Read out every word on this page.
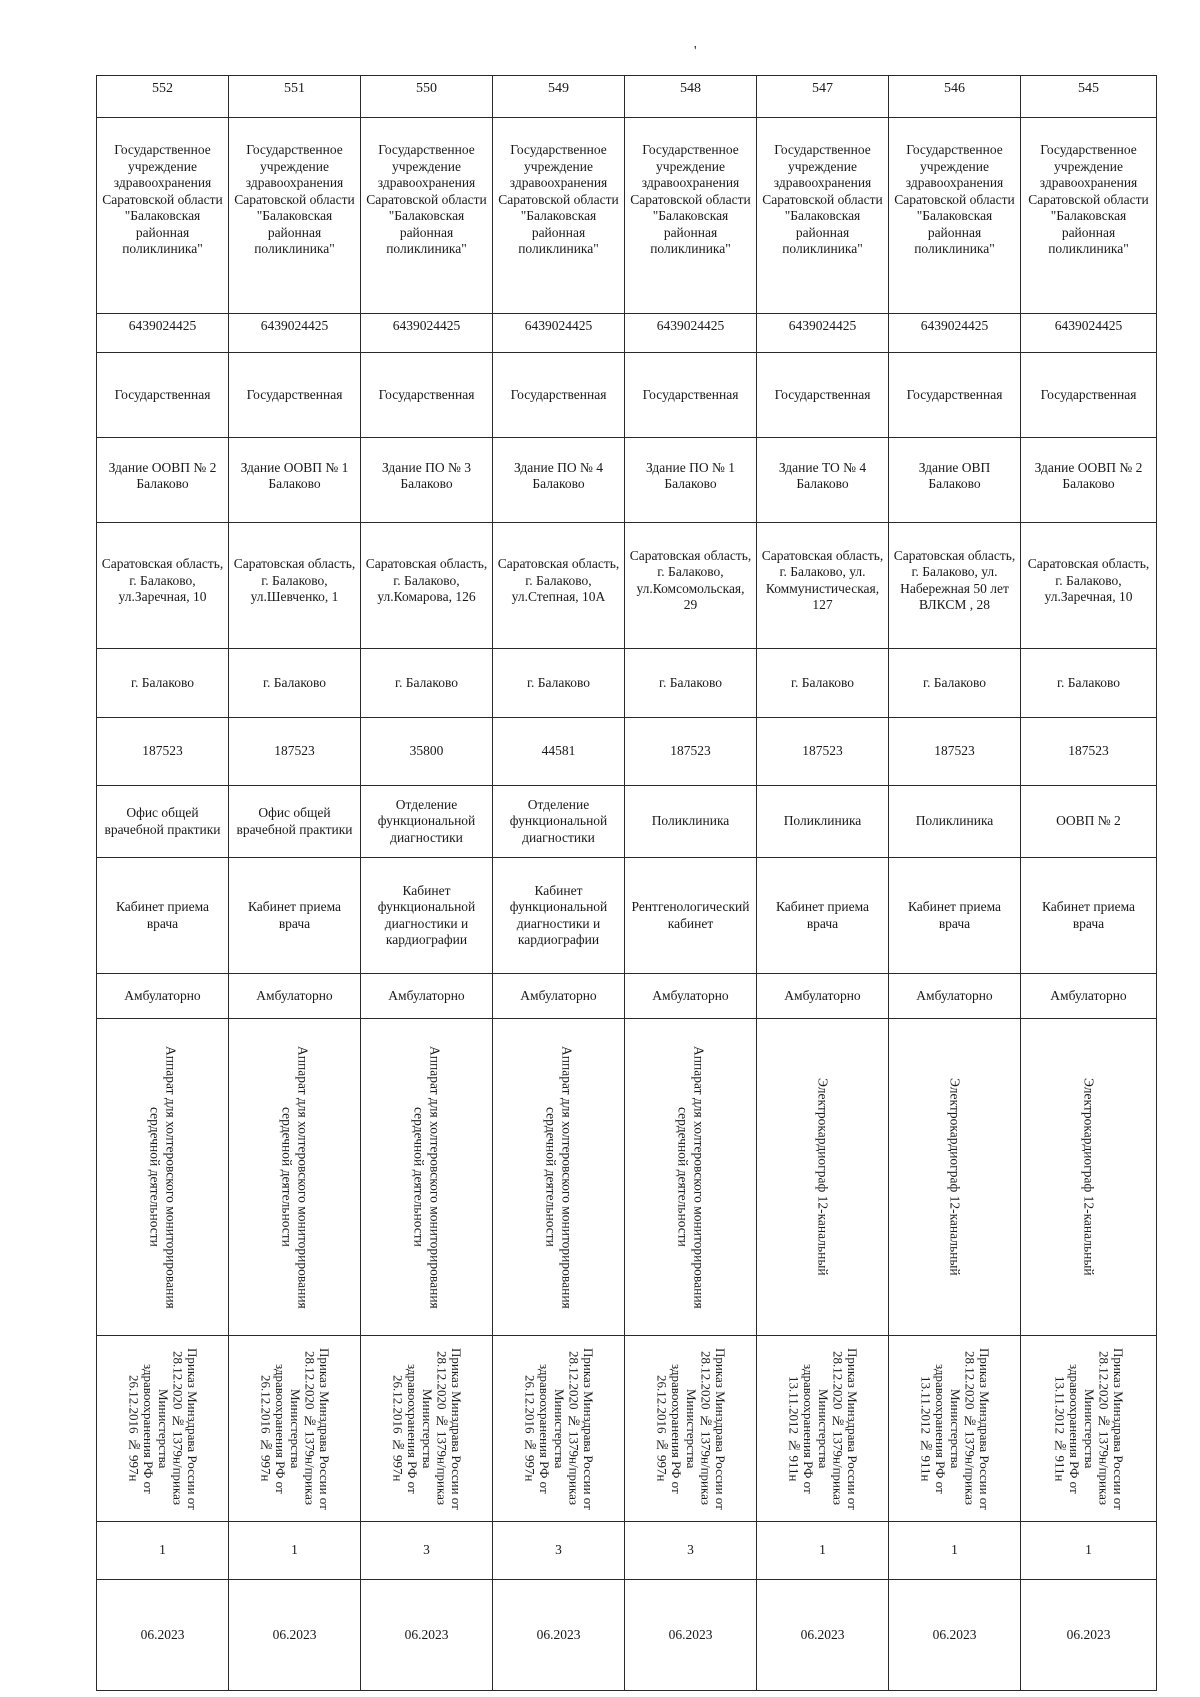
'
552	551	550	549	548	547	546	545
Государственное учреждение здравоохранения Саратовской области "Балаковская районная поликлиника"	Государственное учреждение здравоохранения Саратовской области "Балаковская районная поликлиника"	Государственное учреждение здравоохранения Саратовской области "Балаковская районная поликлиника"	Государственное учреждение здравоохранения Саратовской области "Балаковская районная поликлиника"	Государственное учреждение здравоохранения Саратовской области "Балаковская районная поликлиника"	Государственное учреждение здравоохранения Саратовской области "Балаковская районная поликлиника"	Государственное учреждение здравоохранения Саратовской области "Балаковская районная поликлиника"	Государственное учреждение здравоохранения Саратовской области "Балаковская районная поликлиника"
6439024425	6439024425	6439024425	6439024425	6439024425	6439024425	6439024425	6439024425
Государственная	Государственная	Государственная	Государственная	Государственная	Государственная	Государственная	Государственная
Здание ООВП № 2 Балаково	Здание ООВП № 1 Балаково	Здание ПО № 3 Балаково	Здание ПО № 4 Балаково	Здание ПО № 1 Балаково	Здание ТО № 4 Балаково	Здание ОВП Балаково	Здание ООВП № 2 Балаково
Саратовская область, г. Балаково, ул.Заречная, 10	Саратовская область, г. Балаково, ул.Шевченко, 1	Саратовская область, г. Балаково, ул.Комарова, 126	Саратовская область, г. Балаково, ул.Степная, 10А	Саратовская область, г. Балаково, ул.Комсомольская, 29	Саратовская область, г. Балаково, ул. Коммунистическая, 127	Саратовская область, г. Балаково, ул. Набережная 50 лет ВЛКСМ , 28	Саратовская область, г. Балаково, ул.Заречная, 10
г. Балаково	г. Балаково	г. Балаково	г. Балаково	г. Балаково	г. Балаково	г. Балаково	г. Балаково
187523	187523	35800	44581	187523	187523	187523	187523
Офис общей врачебной практики	Офис общей врачебной практики	Отделение функциональной диагностики	Отделение функциональной диагностики	Поликлиника	Поликлиника	Поликлиника	ООВП № 2
Кабинет приема врача	Кабинет приема врача	Кабинет функциональной диагностики и кардиографии	Кабинет функциональной диагностики и кардиографии	Рентгенологический кабинет	Кабинет приема врача	Кабинет приема врача	Кабинет приема врача
Амбулаторно	Амбулаторно	Амбулаторно	Амбулаторно	Амбулаторно	Амбулаторно	Амбулаторно	Амбулаторно

Аппарат для холтеровского мониторирования сердечной деятельности	Аппарат для холтеровского мониторирования сердечной деятельности	Аппарат для холтеровского мониторирования сердечной деятельности	Аппарат для холтеровского мониторирования сердечной деятельности	Аппарат для холтеровского мониторирования сердечной деятельности	Электрокардиограф 12-канальный	Электрокардиограф 12-канальный	Электрокардиограф 12-канальный

Приказ Минздрава России от 28.12.2020 № 1379н/приказ Министерства здравоохранения РФ от 26.12.2016 № 997н	Приказ Минздрава России от 28.12.2020 № 1379н/приказ Министерства здравоохранения РФ от 26.12.2016 № 997н	Приказ Минздрава России от 28.12.2020 № 1379н/приказ Министерства здравоохранения РФ от 26.12.2016 № 997н	Приказ Минздрава России от 28.12.2020 № 1379н/приказ Министерства здравоохранения РФ от 26.12.2016 № 997н	Приказ Минздрава России от 28.12.2020 № 1379н/приказ Министерства здравоохранения РФ от 26.12.2016 № 997н	Приказ Минздрава России от 28.12.2020 № 1379н/приказ Министерства здравоохранения РФ от 13.11.2012 № 911н	Приказ Минздрава России от 28.12.2020 № 1379н/приказ Министерства здравоохранения РФ от 13.11.2012 № 911н	Приказ Минздрава России от 28.12.2020 № 1379н/приказ Министерства здравоохранения РФ от 13.11.2012 № 911н

1	1	3	3	3	1	1	1
06.2023	06.2023	06.2023	06.2023	06.2023	06.2023	06.2023	06.2023
